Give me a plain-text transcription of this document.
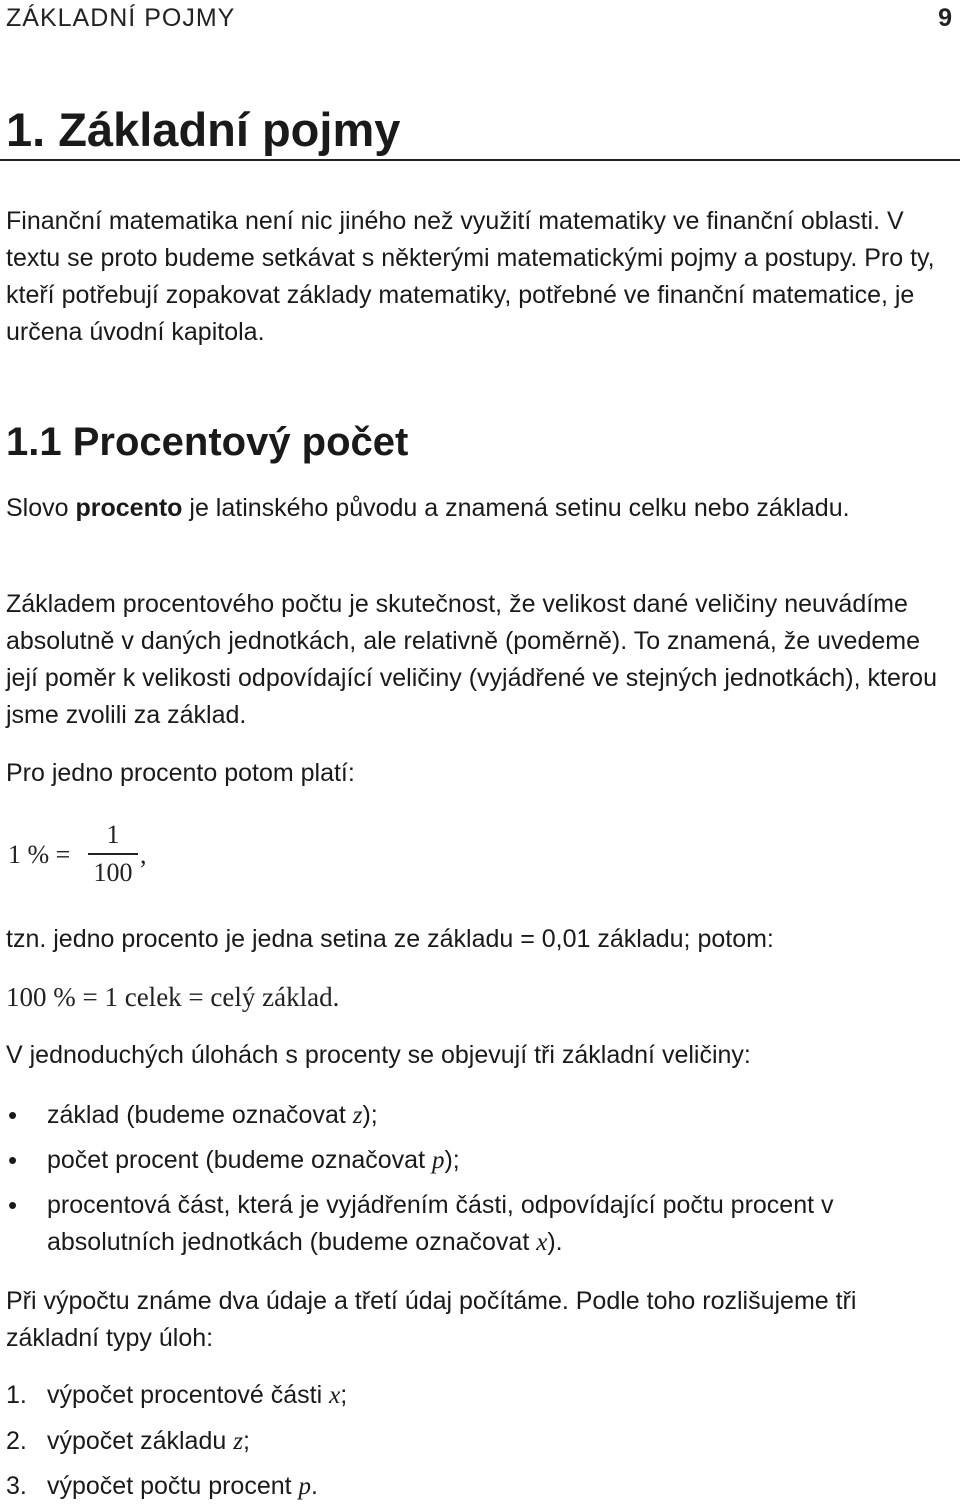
ZÁKLADNÍ POJMY	9
1. Základní pojmy

Finanční matematika není nic jiného než využití matematiky ve finanční oblasti. V textu se proto budeme setkávat s některými matematickými pojmy a postupy. Pro ty, kteří potřebují zopakovat základy matematiky, potřebné ve finanční matematice, je určena úvodní kapitola.

1.1 Procentový počet

Slovo procento je latinského původu a znamená setinu celku nebo základu.

Základem procentového počtu je skutečnost, že velikost dané veličiny neuvádíme absolutně v daných jednotkách, ale relativně (poměrně). To znamená, že uvedeme její poměr k velikosti odpovídající veličiny (vyjádřené ve stejných jednotkách), kterou jsme zvolili za základ.

Pro jedno procento potom platí:

1 % =
1
100
,

tzn. jedno procento je jedna setina ze základu = 0,01 základu; potom:

100 % = 1 celek = celý základ.

V jednoduchých úlohách s procenty se objevují tři základní veličiny:

• základ (budeme označovat z);

• počet procent (budeme označovat p);

• procentová část, která je vyjádřením části, odpovídající počtu procent v absolutních jednotkách (budeme označovat x).

Při výpočtu známe dva údaje a třetí údaj počítáme. Podle toho rozlišujeme tři základní typy úloh:

1. výpočet procentové části x;

2. výpočet základu z;

3. výpočet počtu procent p.
